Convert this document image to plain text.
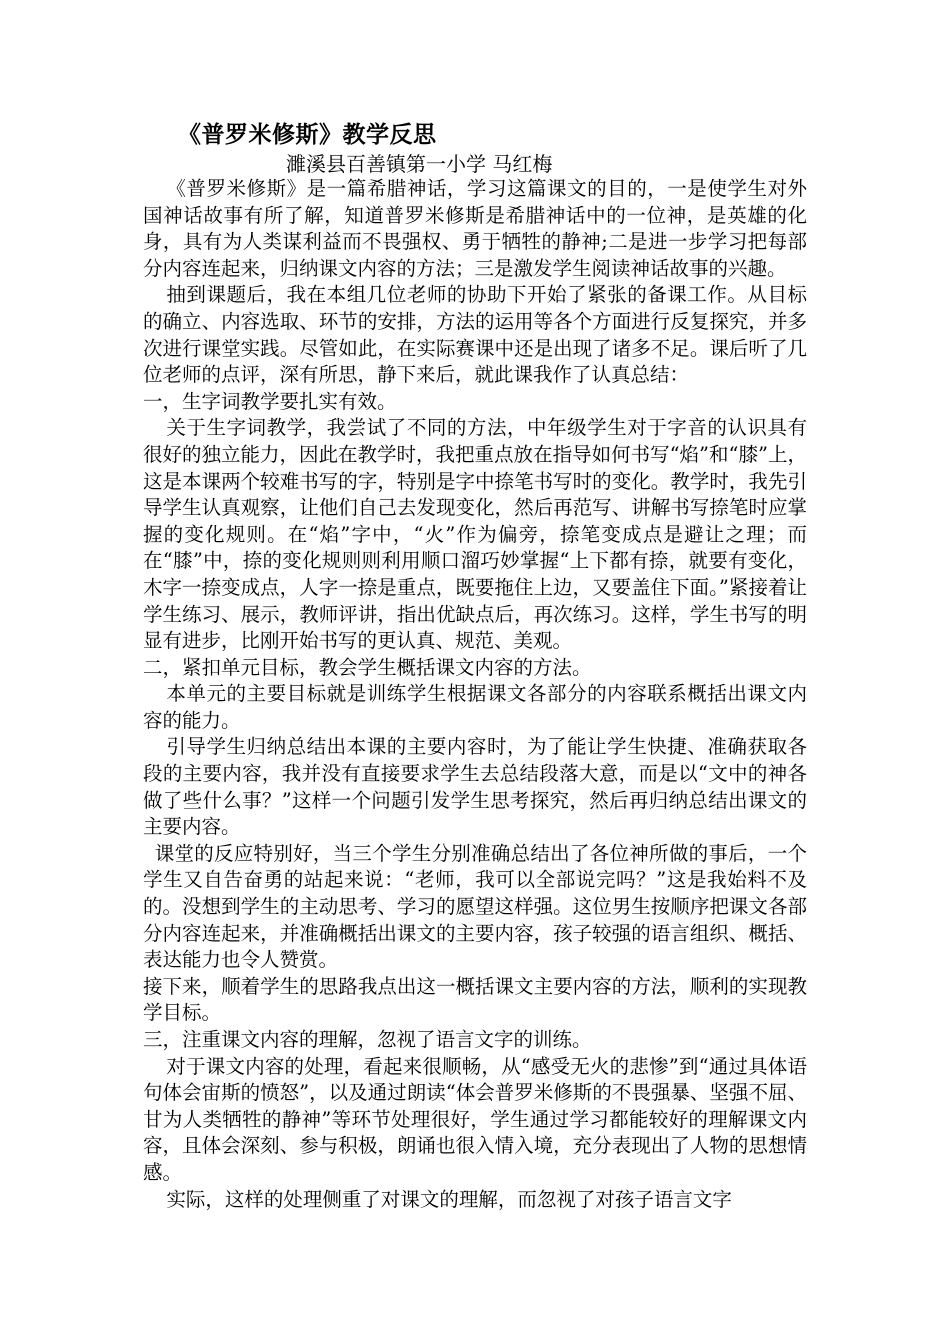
《普罗米修斯》教学反思
濉溪县百善镇第一小学 马红梅

《普罗米修斯》是一篇希腊神话，学习这篇课文的目的，一是使学生对外国神话故事有所了解，知道普罗米修斯是希腊神话中的一位神，是英雄的化身，具有为人类谋利益而不畏强权、勇于牺牲的静神;二是进一步学习把每部分内容连起来，归纳课文内容的方法；三是激发学生阅读神话故事的兴趣。

抽到课题后，我在本组几位老师的协助下开始了紧张的备课工作。从目标的确立、内容选取、环节的安排，方法的运用等各个方面进行反复探究，并多次进行课堂实践。尽管如此，在实际赛课中还是出现了诸多不足。课后听了几位老师的点评，深有所思，静下来后，就此课我作了认真总结：

一，生字词教学要扎实有效。

关于生字词教学，我尝试了不同的方法，中年级学生对于字音的认识具有很好的独立能力，因此在教学时，我把重点放在指导如何书写“焰”和“膝”上，这是本课两个较难书写的字，特别是字中捺笔书写时的变化。教学时，我先引导学生认真观察，让他们自己去发现变化，然后再范写、讲解书写捺笔时应掌握的变化规则。在“焰”字中，“火”作为偏旁，捺笔变成点是避让之理；而在“膝”中，捺的变化规则则利用顺口溜巧妙掌握“上下都有捺，就要有变化，木字一捺变成点，人字一捺是重点，既要拖住上边，又要盖住下面。”紧接着让学生练习、展示，教师评讲，指出优缺点后，再次练习。这样，学生书写的明显有进步，比刚开始书写的更认真、规范、美观。

二，紧扣单元目标，教会学生概括课文内容的方法。

本单元的主要目标就是训练学生根据课文各部分的内容联系概括出课文内容的能力。

引导学生归纳总结出本课的主要内容时，为了能让学生快捷、准确获取各段的主要内容，我并没有直接要求学生去总结段落大意，而是以“文中的神各做了些什么事？”这样一个问题引发学生思考探究，然后再归纳总结出课文的主要内容。

课堂的反应特别好，当三个学生分别准确总结出了各位神所做的事后，一个学生又自告奋勇的站起来说：“老师，我可以全部说完吗？”这是我始料不及的。没想到学生的主动思考、学习的愿望这样强。这位男生按顺序把课文各部分内容连起来，并准确概括出课文的主要内容，孩子较强的语言组织、概括、表达能力也令人赞赏。

接下来，顺着学生的思路我点出这一概括课文主要内容的方法，顺利的实现教学目标。

三，注重课文内容的理解，忽视了语言文字的训练。

对于课文内容的处理，看起来很顺畅，从“感受无火的悲惨”到“通过具体语句体会宙斯的愤怒”，以及通过朗读“体会普罗米修斯的不畏强暴、坚强不屈、甘为人类牺牲的静神”等环节处理很好，学生通过学习都能较好的理解课文内容，且体会深刻、参与积极，朗诵也很入情入境，充分表现出了人物的思想情感。

实际，这样的处理侧重了对课文的理解，而忽视了对孩子语言文字
